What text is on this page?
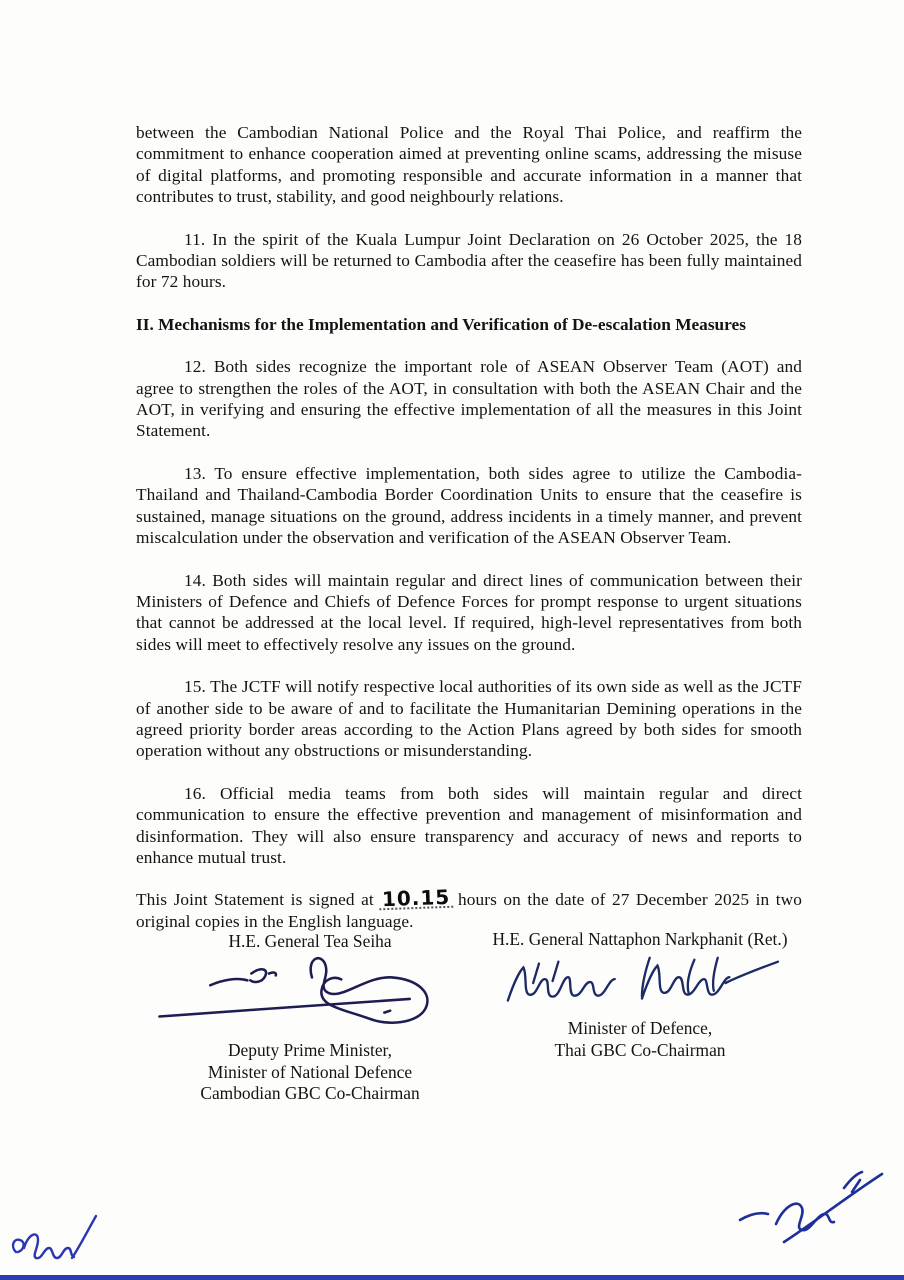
between the Cambodian National Police and the Royal Thai Police, and reaffirm the commitment to enhance cooperation aimed at preventing online scams, addressing the misuse of digital platforms, and promoting responsible and accurate information in a manner that contributes to trust, stability, and good neighbourly relations.

11. In the spirit of the Kuala Lumpur Joint Declaration on 26 October 2025, the 18 Cambodian soldiers will be returned to Cambodia after the ceasefire has been fully maintained for 72 hours.

II. Mechanisms for the Implementation and Verification of De-escalation Measures

12. Both sides recognize the important role of ASEAN Observer Team (AOT) and agree to strengthen the roles of the AOT, in consultation with both the ASEAN Chair and the AOT, in verifying and ensuring the effective implementation of all the measures in this Joint Statement.

13. To ensure effective implementation, both sides agree to utilize the Cambodia-Thailand and Thailand-Cambodia Border Coordination Units to ensure that the ceasefire is sustained, manage situations on the ground, address incidents in a timely manner, and prevent miscalculation under the observation and verification of the ASEAN Observer Team.

14. Both sides will maintain regular and direct lines of communication between their Ministers of Defence and Chiefs of Defence Forces for prompt response to urgent situations that cannot be addressed at the local level. If required, high-level representatives from both sides will meet to effectively resolve any issues on the ground.

15. The JCTF will notify respective local authorities of its own side as well as the JCTF of another side to be aware of and to facilitate the Humanitarian Demining operations in the agreed priority border areas according to the Action Plans agreed by both sides for smooth operation without any obstructions or misunderstanding.

16. Official media teams from both sides will maintain regular and direct communication to ensure the effective prevention and management of misinformation and disinformation. They will also ensure transparency and accuracy of news and reports to enhance mutual trust.

This Joint Statement is signed at 10.15 hours on the date of 27 December 2025 in two original copies in the English language.

H.E. General Tea Seiha
Deputy Prime Minister,
Minister of National Defence
Cambodian GBC Co-Chairman
H.E. General Nattaphon Narkphanit (Ret.)
Minister of Defence,
Thai GBC Co-Chairman
